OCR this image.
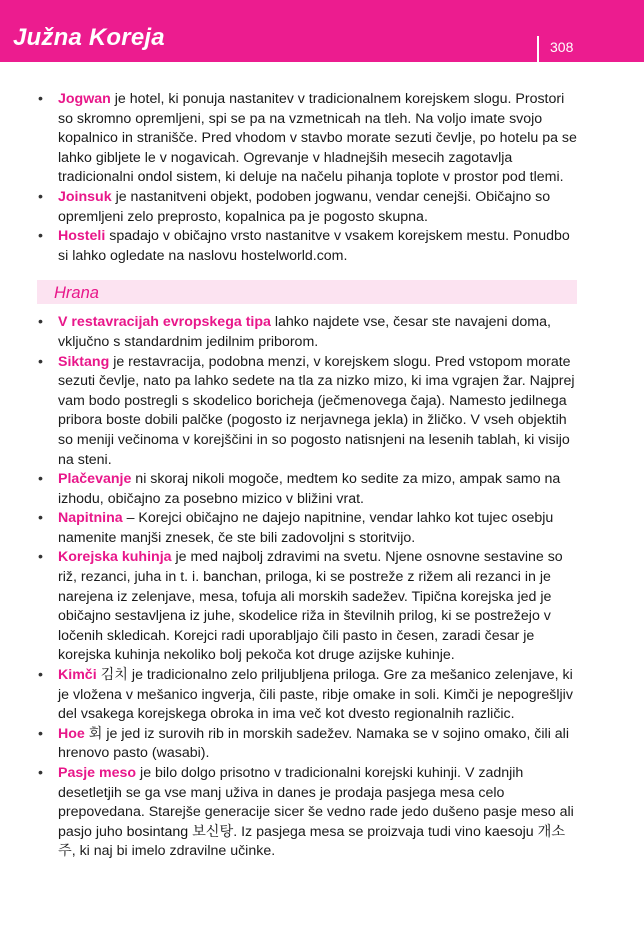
Južna Koreja	308
• Jogwan je hotel, ki ponuja nastanitev v tradicionalnem korejskem slogu. Prostori so skromno opremljeni, spi se pa na vzmetnicah na tleh. Na voljo imate svojo kopalnico in stranišče. Pred vhodom v stavbo morate sezuti čevlje, po hotelu pa se lahko gibljete le v nogavicah. Ogrevanje v hladnejših mesecih zagotavlja tradicionalni ondol sistem, ki deluje na načelu pihanja toplote v prostor pod tlemi.
• Joinsuk je nastanitveni objekt, podoben jogwanu, vendar cenejši. Običajno so opremljeni zelo preprosto, kopalnica pa je pogosto skupna.
• Hosteli spadajo v običajno vrsto nastanitve v vsakem korejskem mestu. Ponudbo si lahko ogledate na naslovu hostelworld.com.
Hrana
• V restavracijah evropskega tipa lahko najdete vse, česar ste navajeni doma, vključno s standardnim jedilnim priborom.
• Siktang je restavracija, podobna menzi, v korejskem slogu. Pred vstopom morate sezuti čevlje, nato pa lahko sedete na tla za nizko mizo, ki ima vgrajen žar. Najprej vam bodo postregli s skodelico boricheja (ječmenovega čaja). Namesto jedilnega pribora boste dobili palčke (pogosto iz nerjavnega jekla) in žličko. V vseh objektih so meniji večinoma v korejščini in so pogosto natisnjeni na lesenih tablah, ki visijo na steni.
• Plačevanje ni skoraj nikoli mogoče, medtem ko sedite za mizo, ampak samo na izhodu, običajno za posebno mizico v bližini vrat.
• Napitnina – Korejci običajno ne dajejo napitnine, vendar lahko kot tujec osebju namenite manjši znesek, če ste bili zadovoljni s storitvijo.
• Korejska kuhinja je med najbolj zdravimi na svetu. Njene osnovne sestavine so riž, rezanci, juha in t. i. banchan, priloga, ki se postreže z rižem ali rezanci in je narejena iz zelenjave, mesa, tofuja ali morskih sadežev. Tipična korejska jed je običajno sestavljena iz juhe, skodelice riža in številnih prilog, ki se postrežejo v ločenih skledicah. Korejci radi uporabljajo čili pasto in česen, zaradi česar je korejska kuhinja nekoliko bolj pekoča kot druge azijske kuhinje.
• Kimči 김치 je tradicionalno zelo priljubljena priloga. Gre za mešanico zelenjave, ki je vložena v mešanico ingverja, čili paste, ribje omake in soli. Kimči je nepogrešljiv del vsakega korejskega obroka in ima več kot dvesto regionalnih različic.
• Hoe 회 je jed iz surovih rib in morskih sadežev. Namaka se v sojino omako, čili ali hrenovo pasto (wasabi).
• Pasje meso je bilo dolgo prisotno v tradicionalni korejski kuhinji. V zadnjih desetletjih se ga vse manj uživa in danes je prodaja pasjega mesa celo prepovedana. Starejše generacije sicer še vedno rade jedo dušeno pasje meso ali pasjo juho bosintang 보신탕. Iz pasjega mesa se proizvaja tudi vino kaesoju 개소주, ki naj bi imelo zdravilne učinke.
